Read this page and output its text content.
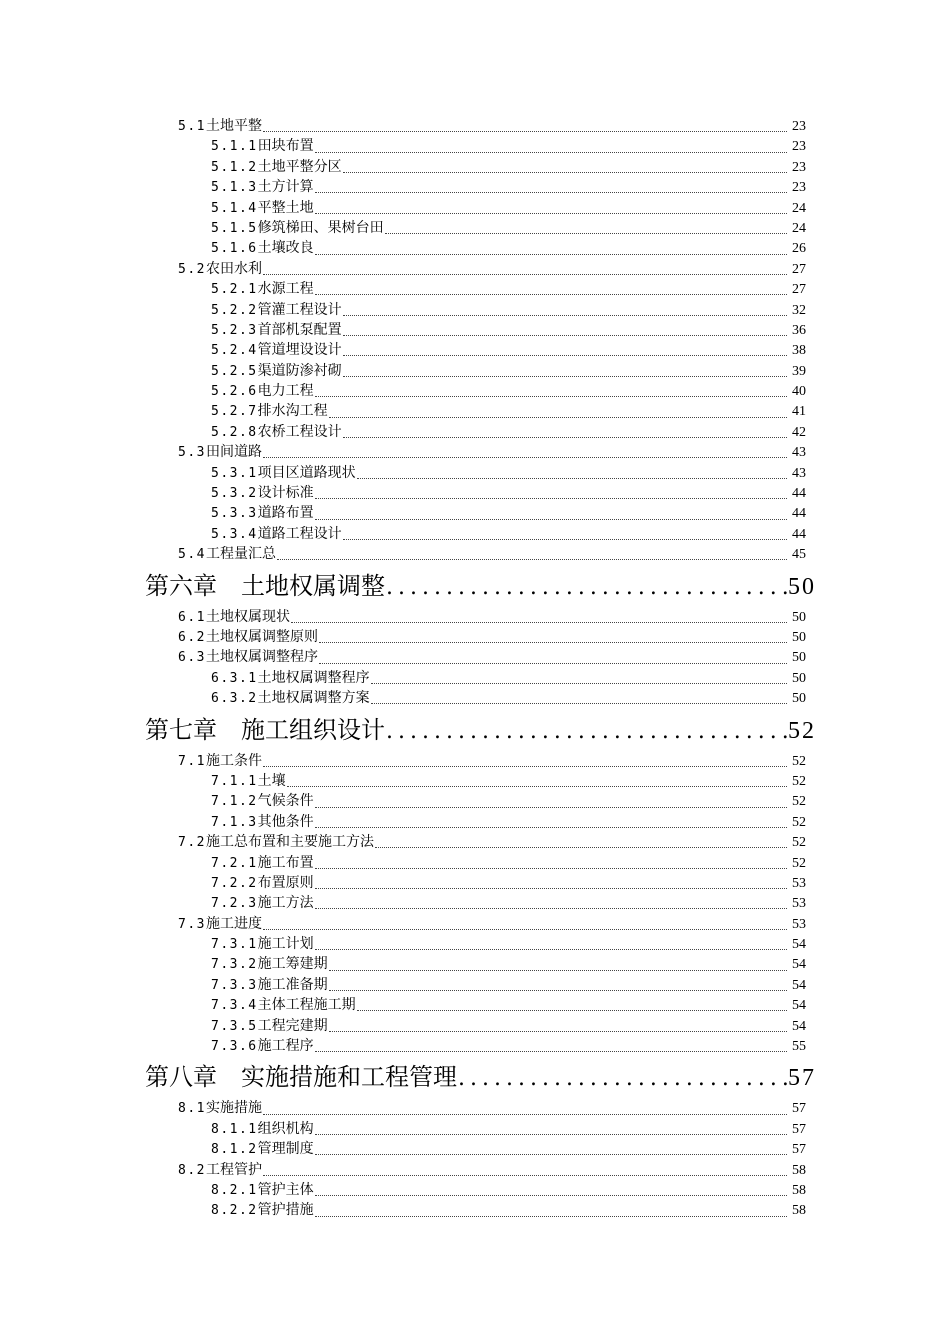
5.1 土地平整	23
5.1.1 田块布置	23
5.1.2 土地平整分区	23
5.1.3 土方计算	23
5.1.4 平整土地	24
5.1.5 修筑梯田、果树台田	24
5.1.6 土壤改良	26
5.2 农田水利	27
5.2.1 水源工程	27
5.2.2 管灌工程设计	32
5.2.3 首部机泵配置	36
5.2.4 管道埋设设计	38
5.2.5 渠道防渗衬砌	39
5.2.6 电力工程	40
5.2.7 排水沟工程	41
5.2.8 农桥工程设计	42
5.3 田间道路	43
5.3.1 项目区道路现状	43
5.3.2 设计标准	44
5.3.3 道路布置	44
5.3.4 道路工程设计	44
5.4 工程量汇总	45
第六章　土地权属调整 .....	50
6.1 土地权属现状	50
6.2 土地权属调整原则	50
6.3 土地权属调整程序	50
6.3.1 土地权属调整程序	50
6.3.2 土地权属调整方案	50
第七章　施工组织设计 .....	52
7.1 施工条件	52
7.1.1 土壤	52
7.1.2 气候条件	52
7.1.3 其他条件	52
7.2 施工总布置和主要施工方法	52
7.2.1 施工布置	52
7.2.2 布置原则	53
7.2.3 施工方法	53
7.3 施工进度	53
7.3.1 施工计划	54
7.3.2 施工筹建期	54
7.3.3 施工准备期	54
7.3.4 主体工程施工期	54
7.3.5 工程完建期	54
7.3.6 施工程序	55
第八章　实施措施和工程管理 .....	57
8.1 实施措施	57
8.1.1 组织机构	57
8.1.2 管理制度	57
8.2 工程管护	58
8.2.1 管护主体	58
8.2.2 管护措施	58
